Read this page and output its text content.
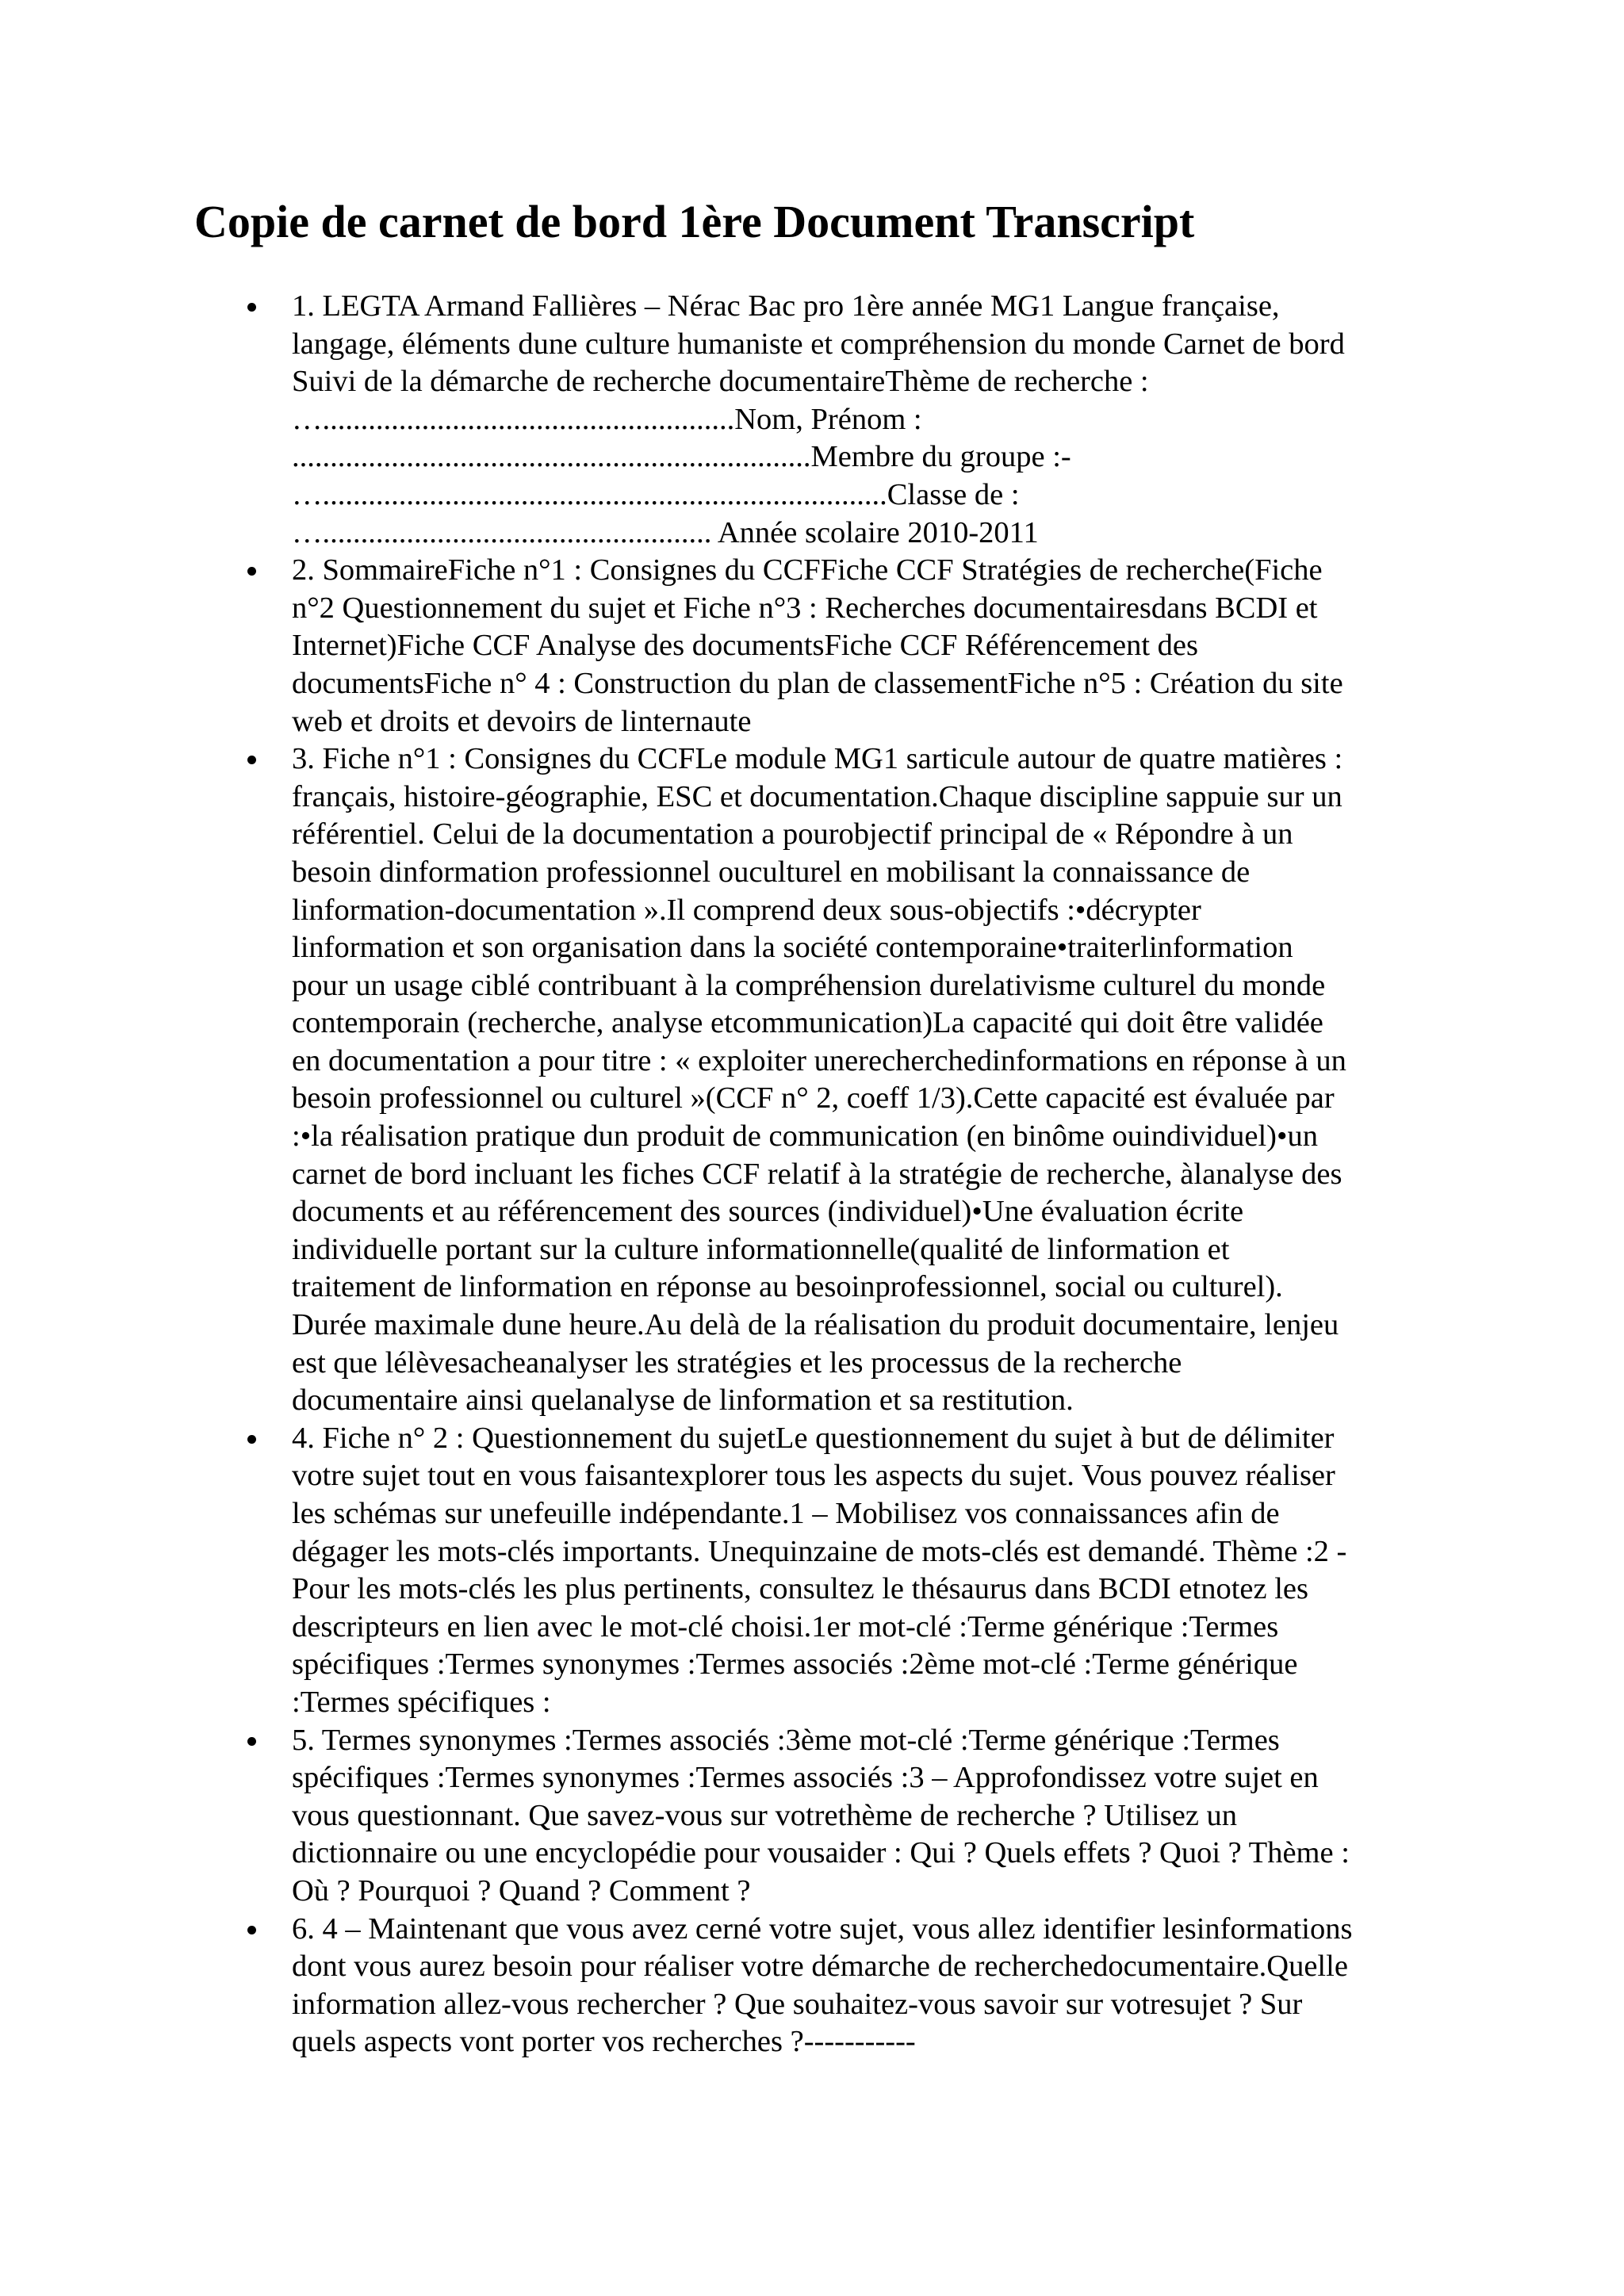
Copie de carnet de bord 1ère Document Transcript
1. LEGTA Armand Fallières – Nérac Bac pro 1ère année MG1 Langue française,
langage, éléments dune culture humaniste et compréhension du monde Carnet de bord
Suivi de la démarche de recherche documentaireThème de recherche :
…......................................................Nom, Prénom :
....................................................................Membre du groupe :-
…..........................................................................Classe de :
…................................................... Année scolaire 2010-2011
2. SommaireFiche n°1 : Consignes du CCFFiche CCF Stratégies de recherche(Fiche
n°2 Questionnement du sujet et Fiche n°3 : Recherches documentairesdans BCDI et
Internet)Fiche CCF Analyse des documentsFiche CCF Référencement des
documentsFiche n° 4 : Construction du plan de classementFiche n°5 : Création du site
web et droits et devoirs de linternaute
3. Fiche n°1 : Consignes du CCFLe module MG1 sarticule autour de quatre matières :
français, histoire-géographie, ESC et documentation.Chaque discipline sappuie sur un
référentiel. Celui de la documentation a pourobjectif principal de « Répondre à un
besoin dinformation professionnel ouculturel en mobilisant la connaissance de
linformation-documentation ».Il comprend deux sous-objectifs :•décrypter
linformation et son organisation dans la société contemporaine•traiterlinformation
pour un usage ciblé contribuant à la compréhension durelativisme culturel du monde
contemporain (recherche, analyse etcommunication)La capacité qui doit être validée
en documentation a pour titre : « exploiter unerecherchedinformations en réponse à un
besoin professionnel ou culturel »(CCF n° 2, coeff 1/3).Cette capacité est évaluée par
:•la réalisation pratique dun produit de communication (en binôme ouindividuel)•un
carnet de bord incluant les fiches CCF relatif à la stratégie de recherche, àlanalyse des
documents et au référencement des sources (individuel)•Une évaluation écrite
individuelle portant sur la culture informationnelle(qualité de linformation et
traitement de linformation en réponse au besoinprofessionnel, social ou culturel).
Durée maximale dune heure.Au delà de la réalisation du produit documentaire, lenjeu
est que lélèvesacheanalyser les stratégies et les processus de la recherche
documentaire ainsi quelanalyse de linformation et sa restitution.
4. Fiche n° 2 : Questionnement du sujetLe questionnement du sujet à but de délimiter
votre sujet tout en vous faisantexplorer tous les aspects du sujet. Vous pouvez réaliser
les schémas sur unefeuille indépendante.1 – Mobilisez vos connaissances afin de
dégager les mots-clés importants. Unequinzaine de mots-clés est demandé. Thème :2 -
Pour les mots-clés les plus pertinents, consultez le thésaurus dans BCDI etnotez les
descripteurs en lien avec le mot-clé choisi.1er mot-clé :Terme générique :Termes
spécifiques :Termes synonymes :Termes associés :2ème mot-clé :Terme générique
:Termes spécifiques :
5. Termes synonymes :Termes associés :3ème mot-clé :Terme générique :Termes
spécifiques :Termes synonymes :Termes associés :3 – Approfondissez votre sujet en
vous questionnant. Que savez-vous sur votrethème de recherche ? Utilisez un
dictionnaire ou une encyclopédie pour vousaider : Qui ? Quels effets ? Quoi ? Thème :
Où ? Pourquoi ? Quand ? Comment ?
6. 4 – Maintenant que vous avez cerné votre sujet, vous allez identifier lesinformations
dont vous aurez besoin pour réaliser votre démarche de recherchedocumentaire.Quelle
information allez-vous rechercher ? Que souhaitez-vous savoir sur votresujet ? Sur
quels aspects vont porter vos recherches ?-----------
